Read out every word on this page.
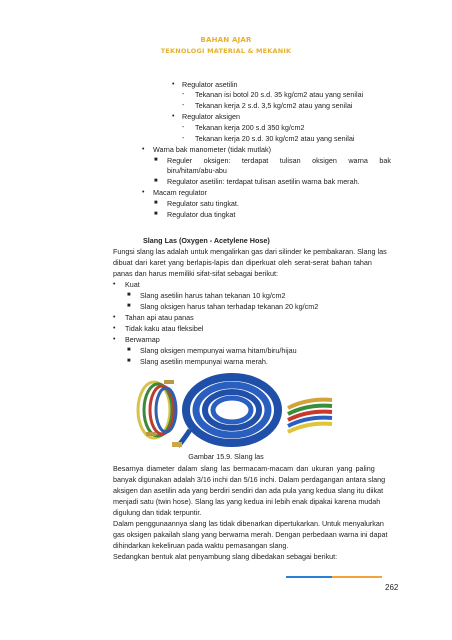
BAHAN AJAR
TEKNOLOGI MATERIAL & MEKANIK
• Regulator asetilin
- Tekanan isi botol 20 s.d. 35 kg/cm2 atau yang senilai
- Tekanan kerja 2 s.d. 3,5 kg/cm2 atau yang senilai
• Regulator aksigen
- Tekanan kerja 200 s.d 350 kg/cm2
- Tekanan kerja 20 s.d. 30 kg/cm2 atau yang senilai
• Warna bak manometer (tidak mutlak)
■ Reguler oksigen: terdapat tulisan oksigen warna bak
biru/hitam/abu-abu
■ Regulator asetilin: terdapat tulisan asetilin warna bak merah.
• Macam regulator
■ Regulator satu tingkat.
■ Regulator dua tingkat
Slang Las (Oxygen - Acetylene Hose)
Fungsi slang las adalah untuk mengalirkan gas dari silinder ke pembakaran. Slang las
dibuat dari karet yang berlapis-lapis dan diperkuat oleh serat-serat bahan tahan
panas dan harus memiliki sifat-sifat sebagai berikut:
• Kuat
■ Slang asetilin harus tahan tekanan 10 kg/cm2
■ Slang oksigen harus tahan terhadap tekanan 20 kg/cm2
• Tahan api atau panas
• Tidak kaku atau fleksibel
• Berwarnap
■ Slang oksigen mempunyai warna hitam/biru/hijau
■ Slang asetilin mempunyai warna merah.
Gambar 15.9. Slang las
Besarnya diameter dalam slang las bermacam-macam dan ukuran yang paling
banyak digunakan adalah 3/16 inchi dan 5/16 inchi. Dalam perdagangan antara slang
aksigen dan asetilin ada yang berdiri sendiri dan ada pula yang kedua slang itu diikat
menjadi satu (twin hose). Slang las yang kedua ini lebih enak dipakai karena mudah
digulung dan tidak terpuntir.
Dalam penggunaannya slang las tidak dibenarkan dipertukarkan. Untuk menyalurkan
gas oksigen pakailah slang yang berwarna merah. Dengan perbedaan warna ini dapat
dihindarkan kekeliruan pada waktu pemasangan slang.
Sedangkan bentuk alat penyambung slang dibedakan sebagai berikut:
262
